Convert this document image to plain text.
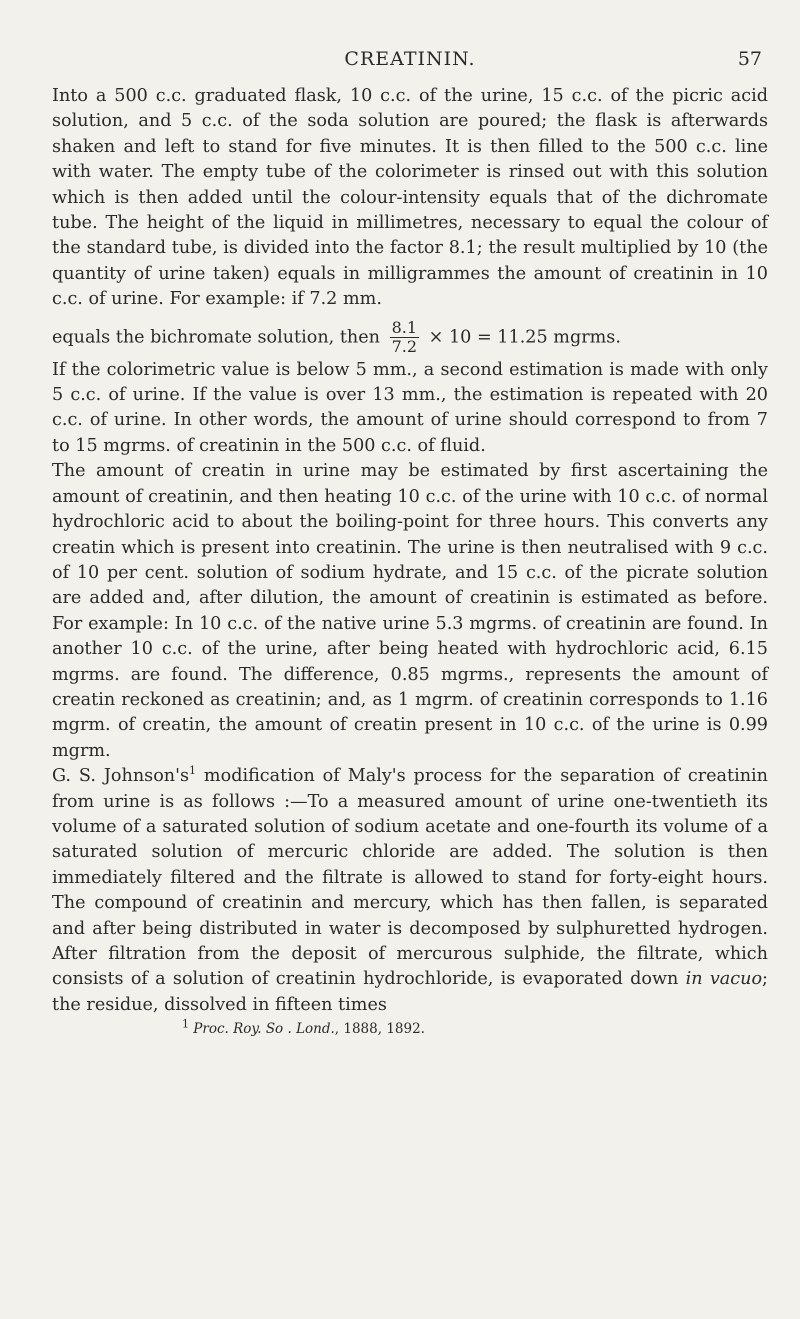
CREATININ.	57

Into a 500 c.c. graduated flask, 10 c.c. of the urine, 15 c.c. of the picric acid solution, and 5 c.c. of the soda solution are poured; the flask is afterwards shaken and left to stand for five minutes. It is then filled to the 500 c.c. line with water. The empty tube of the colorimeter is rinsed out with this solution which is then added until the colour-intensity equals that of the dichromate tube. The height of the liquid in millimetres, necessary to equal the colour of the standard tube, is divided into the factor 8.1; the result multiplied by 10 (the quantity of urine taken) equals in milligrammes the amount of creatinin in 10 c.c. of urine. For example: if 7.2 mm.

equals the bichromate solution, then $\frac{8.1}{7.2} \times 10 = 11.25$ mgrms.

If the colorimetric value is below 5 mm., a second estimation is made with only 5 c.c. of urine. If the value is over 13 mm., the estimation is repeated with 20 c.c. of urine. In other words, the amount of urine should correspond to from 7 to 15 mgrms. of creatinin in the 500 c.c. of fluid.

The amount of creatin in urine may be estimated by first ascertaining the amount of creatinin, and then heating 10 c.c. of the urine with 10 c.c. of normal hydrochloric acid to about the boiling-point for three hours. This converts any creatin which is present into creatinin. The urine is then neutralised with 9 c.c. of 10 per cent. solution of sodium hydrate, and 15 c.c. of the picrate solution are added and, after dilution, the amount of creatinin is estimated as before. For example: In 10 c.c. of the native urine 5.3 mgrms. of creatinin are found. In another 10 c.c. of the urine, after being heated with hydrochloric acid, 6.15 mgrms. are found. The difference, 0.85 mgrms., represents the amount of creatin reckoned as creatinin; and, as 1 mgrm. of creatinin corresponds to 1.16 mgrm. of creatin, the amount of creatin present in 10 c.c. of the urine is 0.99 mgrm.

G. S. $Johnson's^1$ modification of Maly's process for the separation of creatinin from urine is as follows :—To a measured amount of urine one-twentieth its volume of a saturated solution of sodium acetate and one-fourth its volume of a saturated solution of mercuric chloride are added. The solution is then immediately filtered and the filtrate is allowed to stand for forty-eight hours. The compound of creatinin and mercury, which has then fallen, is separated and after being distributed in water is decomposed by sulphuretted hydrogen. After filtration from the deposit of mercurous sulphide, the filtrate, which consists of a solution of creatinin hydrochloride, is evaporated down in vacuo; the residue, dissolved in fifteen times

$^1$ Proc. Roy. So . Lond., 1888, 1892.
